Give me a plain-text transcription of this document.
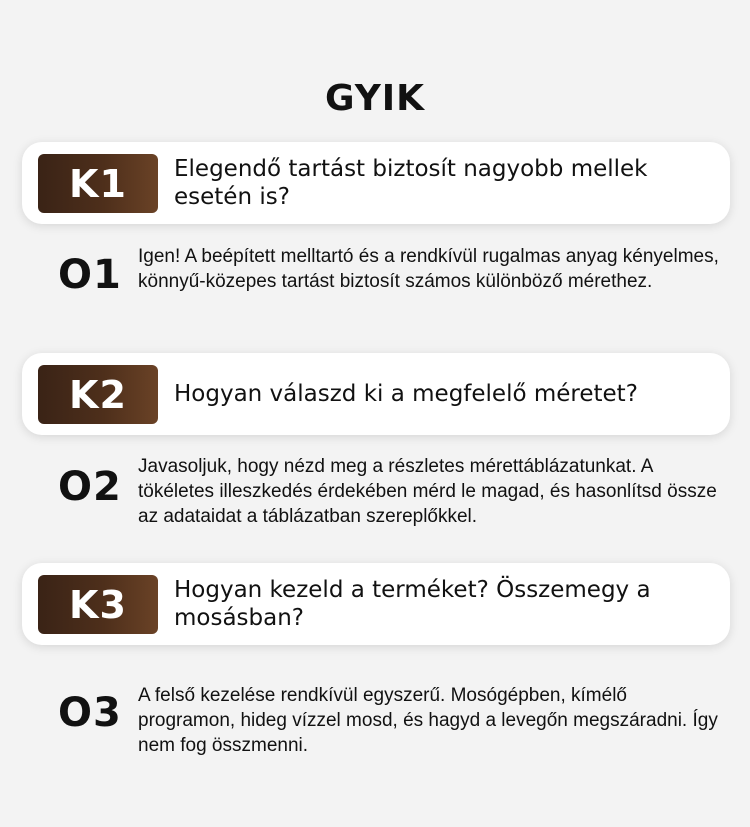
GYIK
K1	Elegendő tartást biztosít nagyobb mellek esetén is?
O1 Igen! A beépített melltartó és a rendkívül rugalmas anyag kényelmes, könnyű-közepes tartást biztosít számos különböző mérethez.
K2	Hogyan válaszd ki a megfelelő méretet?
O2 Javasoljuk, hogy nézd meg a részletes mérettáblázatunkat. A tökéletes illeszkedés érdekében mérd le magad, és hasonlítsd össze az adataidat a táblázatban szereplőkkel.
K3	Hogyan kezeld a terméket? Összemegy a mosásban?
O3 A felső kezelése rendkívül egyszerű. Mosógépben, kímélő programon, hideg vízzel mosd, és hagyd a levegőn megszáradni. Így nem fog összmenni.
